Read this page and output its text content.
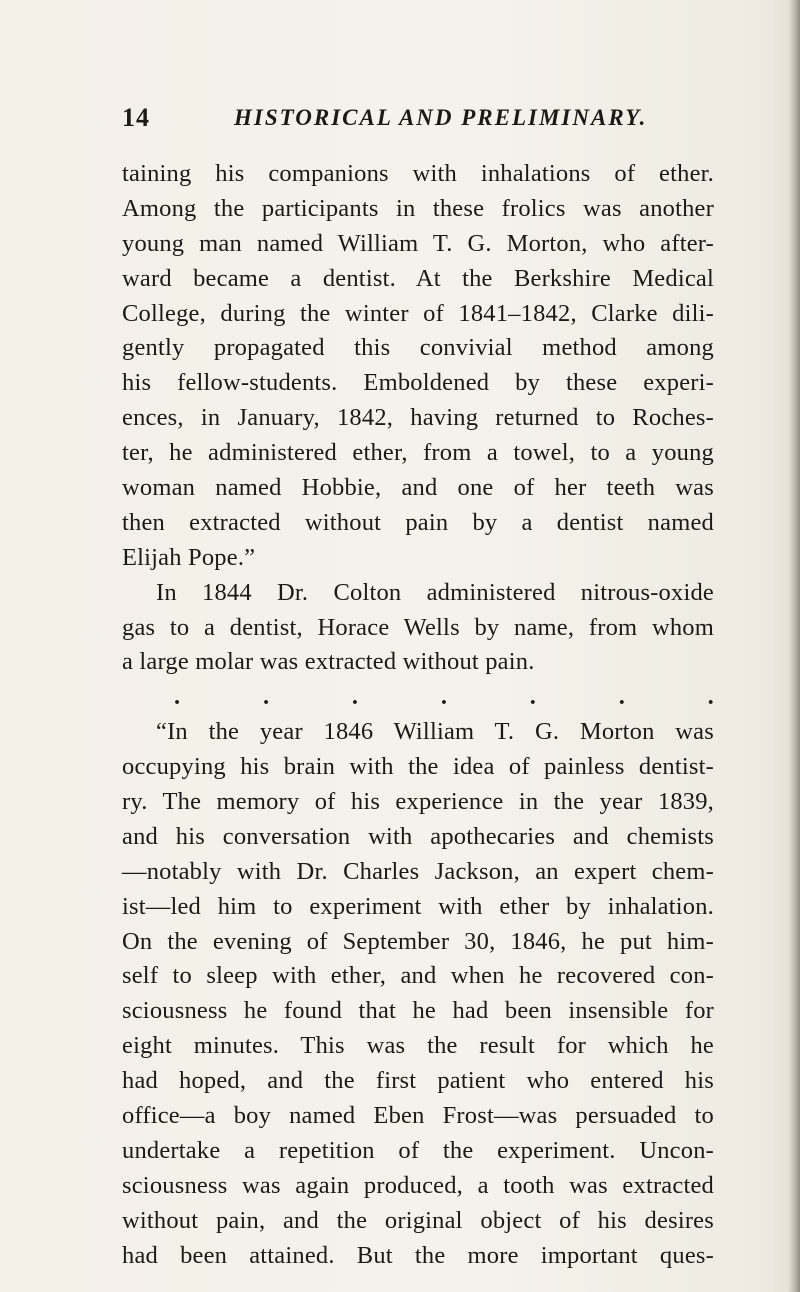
14	HISTORICAL AND PRELIMINARY.
taining his companions with inhalations of ether.
Among the participants in these frolics was another
young man named William T. G. Morton, who after-
ward became a dentist. At the Berkshire Medical
College, during the winter of 1841–1842, Clarke dili-
gently propagated this convivial method among
his fellow-students. Emboldened by these experi-
ences, in January, 1842, having returned to Roches-
ter, he administered ether, from a towel, to a young
woman named Hobbie, and one of her teeth was
then extracted without pain by a dentist named
Elijah Pope.”
In 1844 Dr. Colton administered nitrous-oxide
gas to a dentist, Horace Wells by name, from whom
a large molar was extracted without pain.
.	.	.	.	.	.	.
“In the year 1846 William T. G. Morton was
occupying his brain with the idea of painless dentist-
ry. The memory of his experience in the year 1839,
and his conversation with apothecaries and chemists
—notably with Dr. Charles Jackson, an expert chem-
ist—led him to experiment with ether by inhalation.
On the evening of September 30, 1846, he put him-
self to sleep with ether, and when he recovered con-
sciousness he found that he had been insensible for
eight minutes. This was the result for which he
had hoped, and the first patient who entered his
office—a boy named Eben Frost—was persuaded to
undertake a repetition of the experiment. Uncon-
sciousness was again produced, a tooth was extracted
without pain, and the original object of his desires
had been attained. But the more important ques-
